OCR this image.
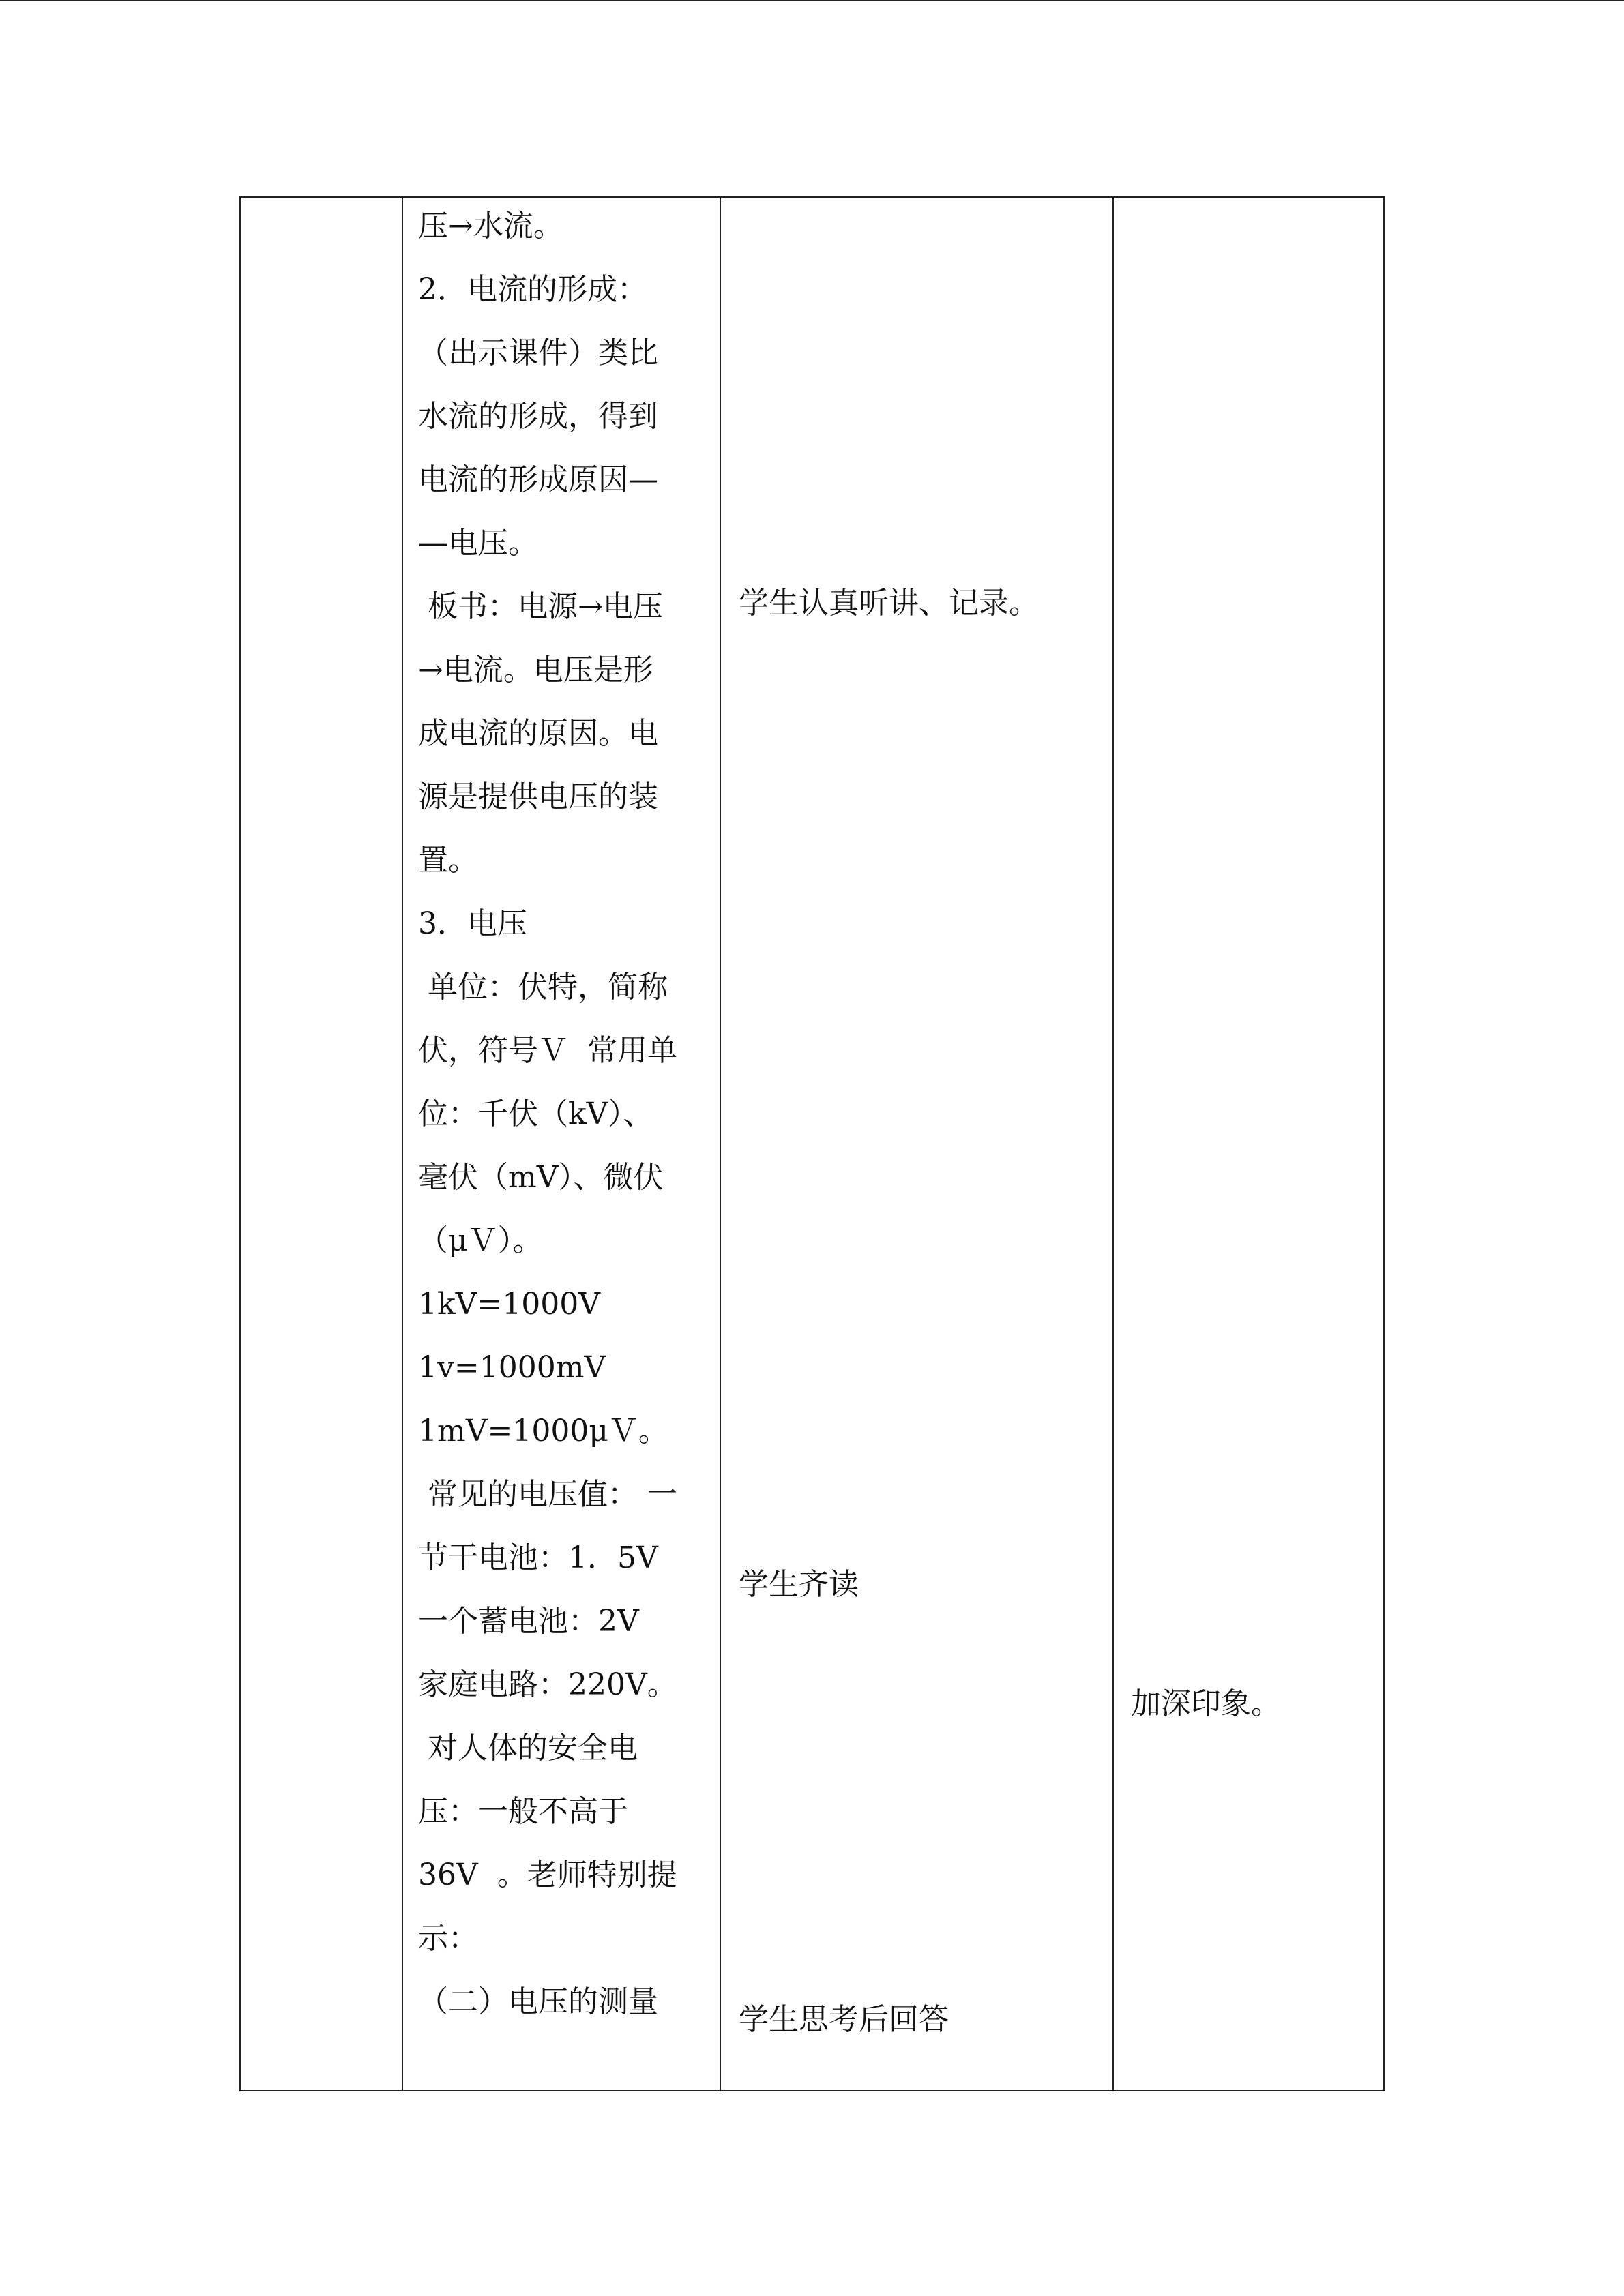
压→水流。
2．电流的形成：
（出示课件）类比
水流的形成，得到
电流的形成原因—
—电压。
板书：电源→电压
→电流。电压是形
成电流的原因。电
源是提供电压的装
置。
3．电压
单位：伏特，简称
伏，符号Ｖ  常用单
位：千伏（kV）、
毫伏（mV）、微伏
（μＶ）。
1kV=1000V
1v=1000mV
1mV=1000μＶ。
常见的电压值： 一
节干电池：1．5V
一个蓄电池：2V
家庭电路：220V。
对人体的安全电
压：一般不高于
36V  。老师特别提
示：
（二）电压的测量
学生认真听讲、记录。
学生齐读
学生思考后回答
加深印象。
